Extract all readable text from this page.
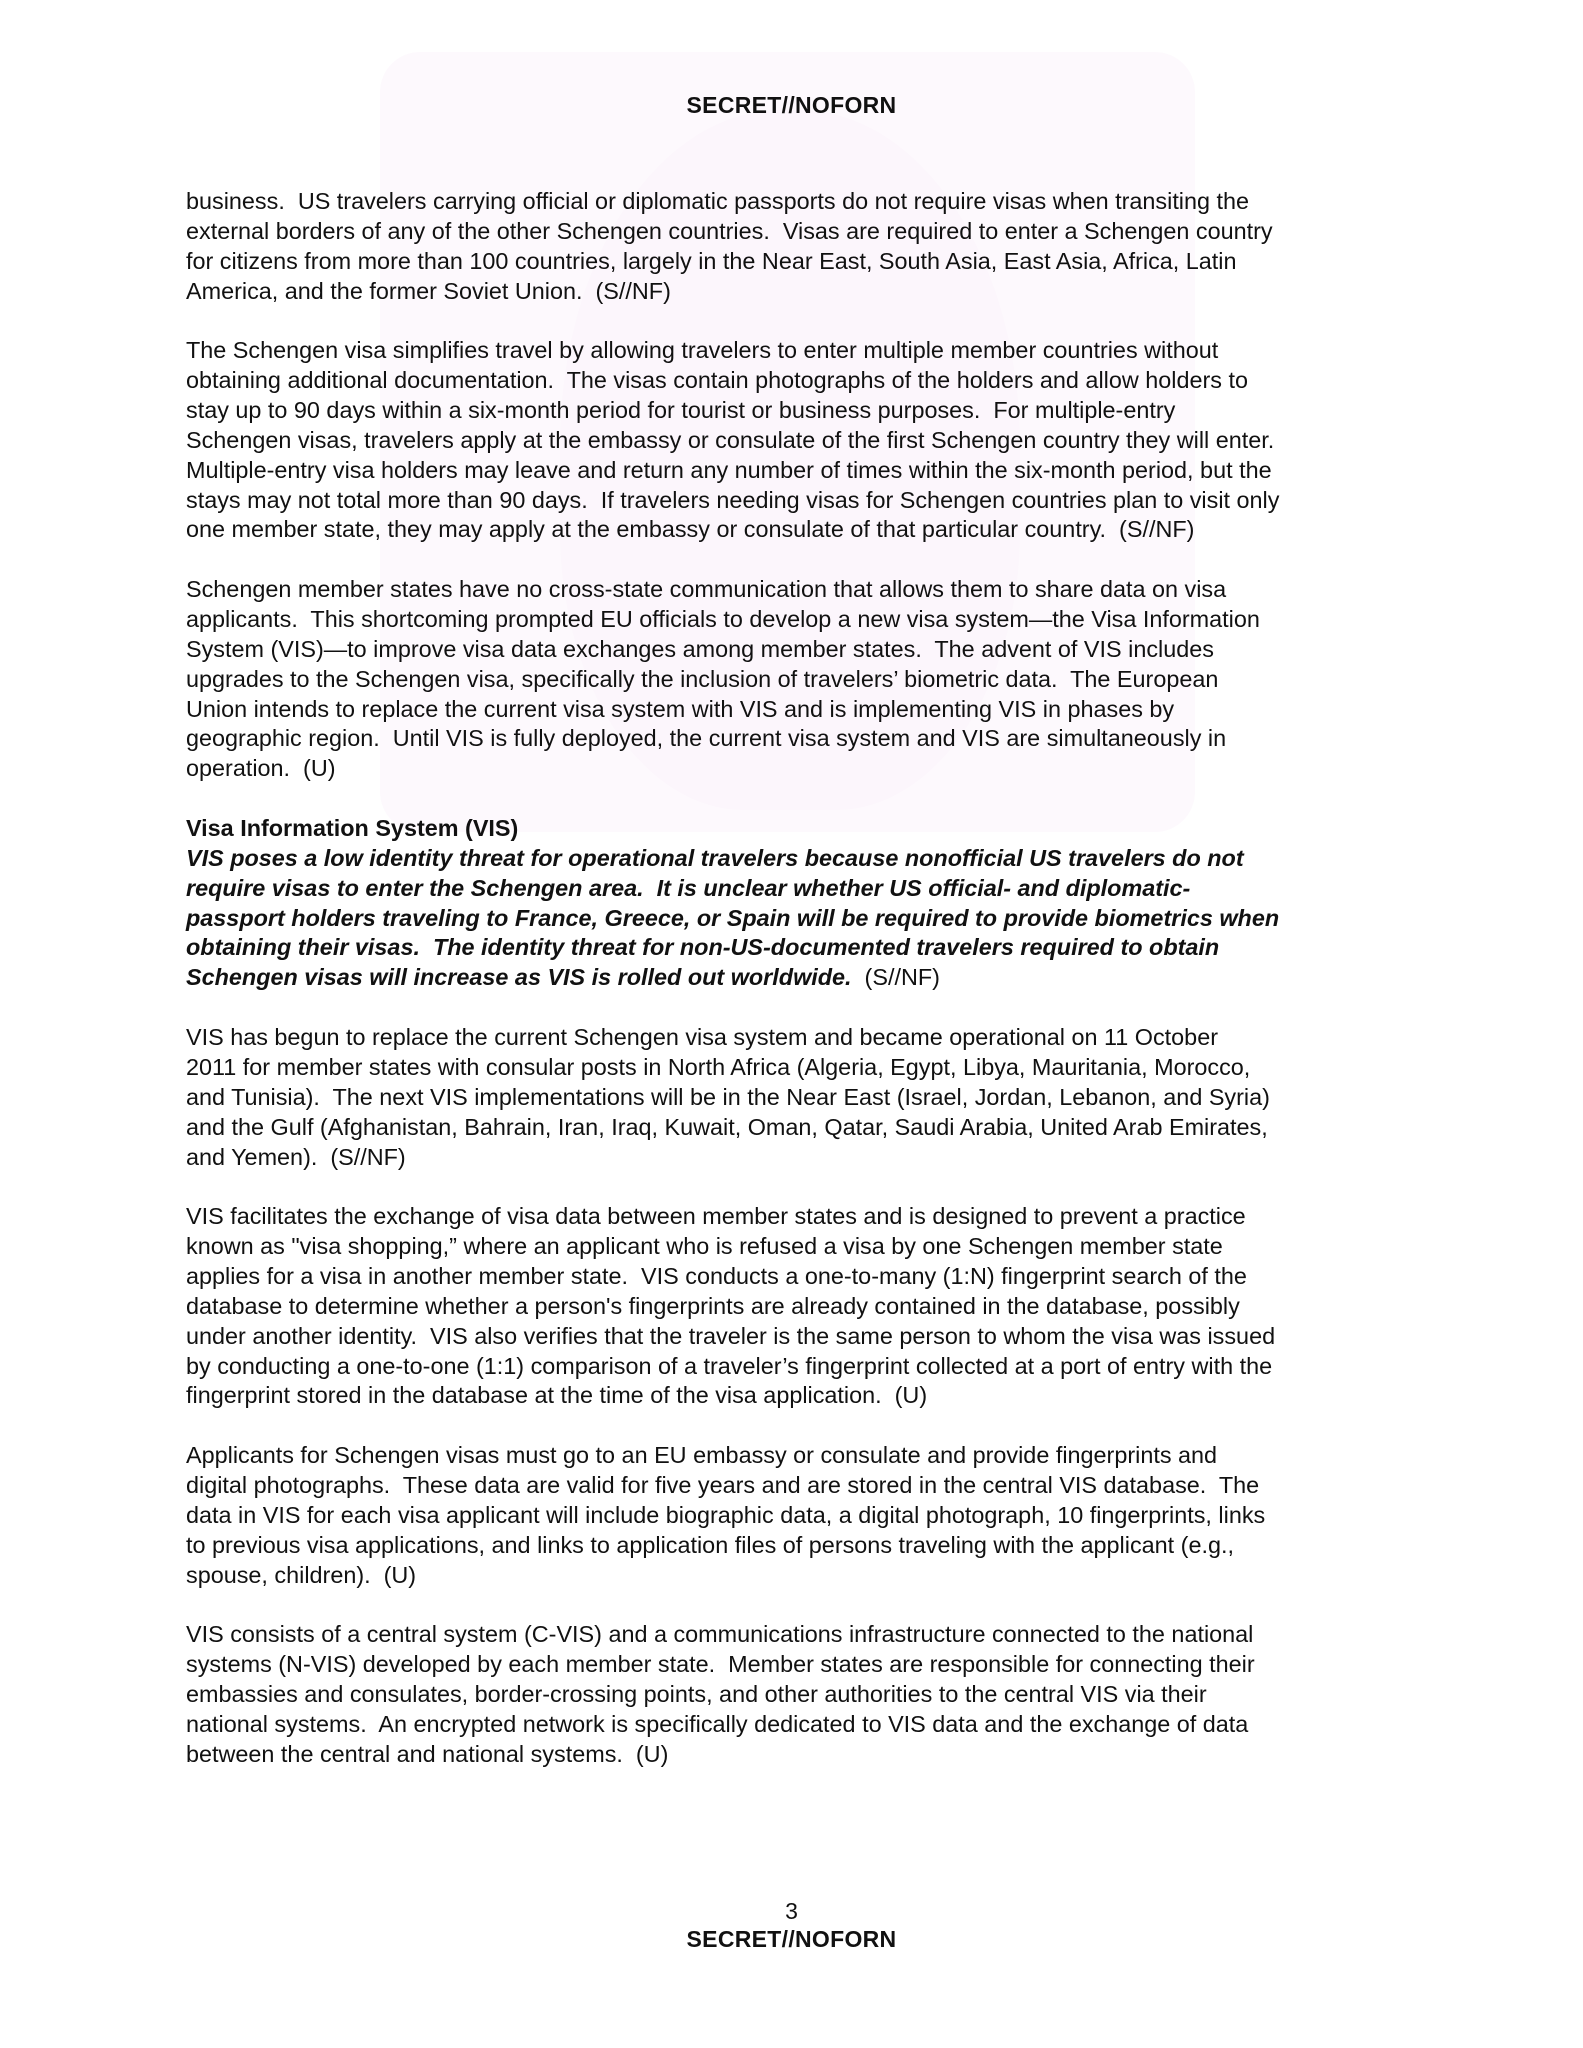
SECRET//NOFORN
business.  US travelers carrying official or diplomatic passports do not require visas when transiting the
external borders of any of the other Schengen countries.  Visas are required to enter a Schengen country
for citizens from more than 100 countries, largely in the Near East, South Asia, East Asia, Africa, Latin
America, and the former Soviet Union.  (S//NF)
The Schengen visa simplifies travel by allowing travelers to enter multiple member countries without
obtaining additional documentation.  The visas contain photographs of the holders and allow holders to
stay up to 90 days within a six-month period for tourist or business purposes.  For multiple-entry
Schengen visas, travelers apply at the embassy or consulate of the first Schengen country they will enter.
Multiple-entry visa holders may leave and return any number of times within the six-month period, but the
stays may not total more than 90 days.  If travelers needing visas for Schengen countries plan to visit only
one member state, they may apply at the embassy or consulate of that particular country.  (S//NF)
Schengen member states have no cross-state communication that allows them to share data on visa
applicants.  This shortcoming prompted EU officials to develop a new visa system—the Visa Information
System (VIS)—to improve visa data exchanges among member states.  The advent of VIS includes
upgrades to the Schengen visa, specifically the inclusion of travelers’ biometric data.  The European
Union intends to replace the current visa system with VIS and is implementing VIS in phases by
geographic region.  Until VIS is fully deployed, the current visa system and VIS are simultaneously in
operation.  (U)
Visa Information System (VIS)
VIS poses a low identity threat for operational travelers because nonofficial US travelers do not
require visas to enter the Schengen area.  It is unclear whether US official- and diplomatic-
passport holders traveling to France, Greece, or Spain will be required to provide biometrics when
obtaining their visas.  The identity threat for non-US-documented travelers required to obtain
Schengen visas will increase as VIS is rolled out worldwide.  (S//NF)
VIS has begun to replace the current Schengen visa system and became operational on 11 October
2011 for member states with consular posts in North Africa (Algeria, Egypt, Libya, Mauritania, Morocco,
and Tunisia).  The next VIS implementations will be in the Near East (Israel, Jordan, Lebanon, and Syria)
and the Gulf (Afghanistan, Bahrain, Iran, Iraq, Kuwait, Oman, Qatar, Saudi Arabia, United Arab Emirates,
and Yemen).  (S//NF)
VIS facilitates the exchange of visa data between member states and is designed to prevent a practice
known as "visa shopping,” where an applicant who is refused a visa by one Schengen member state
applies for a visa in another member state.  VIS conducts a one-to-many (1:N) fingerprint search of the
database to determine whether a person's fingerprints are already contained in the database, possibly
under another identity.  VIS also verifies that the traveler is the same person to whom the visa was issued
by conducting a one-to-one (1:1) comparison of a traveler’s fingerprint collected at a port of entry with the
fingerprint stored in the database at the time of the visa application.  (U)
Applicants for Schengen visas must go to an EU embassy or consulate and provide fingerprints and
digital photographs.  These data are valid for five years and are stored in the central VIS database.  The
data in VIS for each visa applicant will include biographic data, a digital photograph, 10 fingerprints, links
to previous visa applications, and links to application files of persons traveling with the applicant (e.g.,
spouse, children).  (U)
VIS consists of a central system (C-VIS) and a communications infrastructure connected to the national
systems (N-VIS) developed by each member state.  Member states are responsible for connecting their
embassies and consulates, border-crossing points, and other authorities to the central VIS via their
national systems.  An encrypted network is specifically dedicated to VIS data and the exchange of data
between the central and national systems.  (U)
3
SECRET//NOFORN
